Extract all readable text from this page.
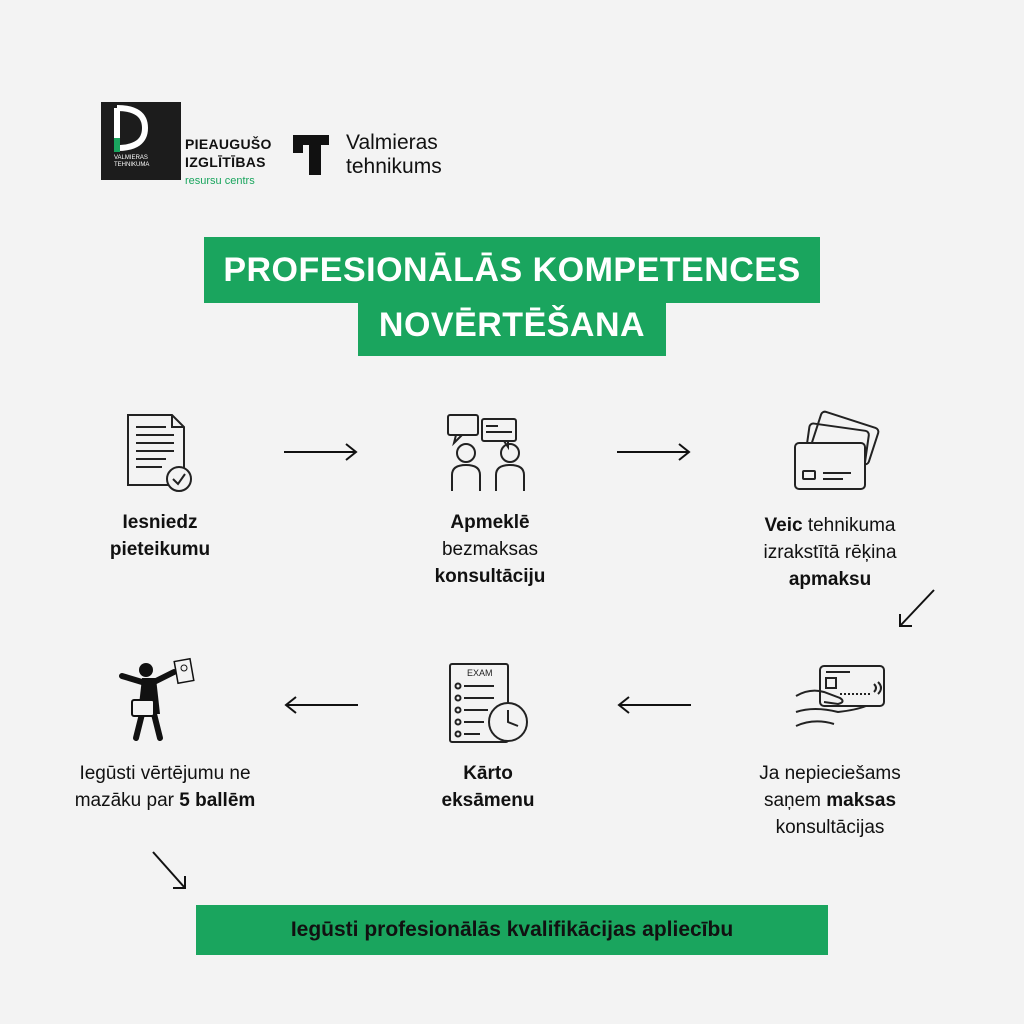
VALMIERAS
TEHNIKUMA
PIEAUGUŠO
IZGLĪTĪBAS
resursu centrs
Valmieras
tehnikums
PROFESIONĀLĀS KOMPETENCES
NOVĒRTĒŠANA
EXAM
Iesniedz
pieteikumu
Apmeklē
bezmaksas
konsultāciju
Veic tehnikuma
izrakstītā rēķina
apmaksu
Ja nepieciešams
saņem maksas
konsultācijas
Kārto
eksāmenu
Iegūsti vērtējumu ne
mazāku par 5 ballēm
Iegūsti profesionālās kvalifikācijas apliecību
